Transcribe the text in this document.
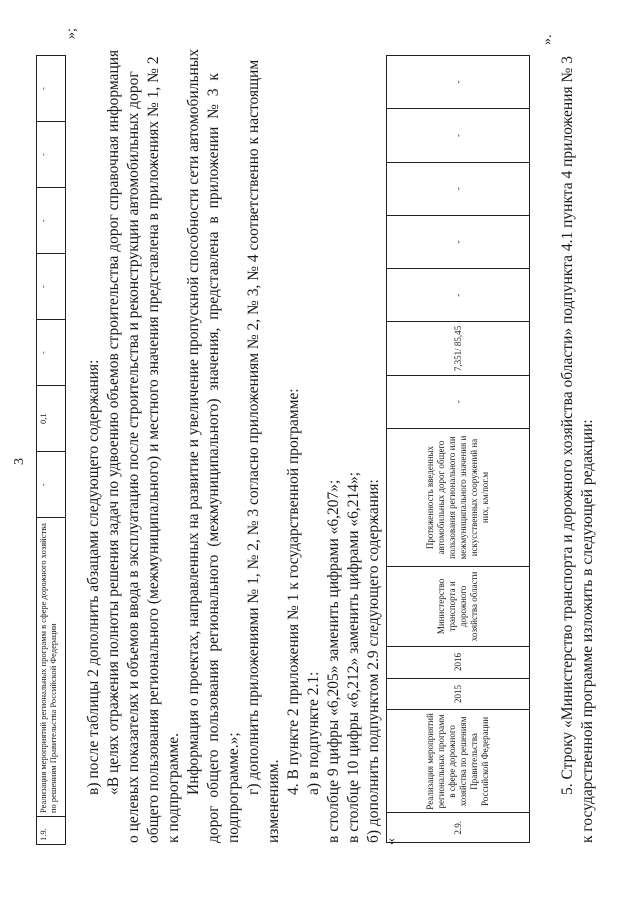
3
1.9.	Реализация мероприятий региональных программ в сфере дорожного хозяйства по решениям Правительства Российской Федерации	-	0,1	-	-	-	-	-
»;
в) после таблицы 2 дополнить абзацами следующего содержания: «В целях отражения полноты решения задач по удвоению объемов строительства дорог справочная информация о целевых показателях и объемов ввода в эксплуатацию после строительства и реконструкции автомобильных дорог общего пользования регионального (межмуниципального) и местного значения представлена в приложениях № 1, № 2 к подпрограмме. Информация о проектах, направленных на развитие и увеличение пропускной способности сети автомобильных дорог общего пользования регионального (межмуниципального) значения, представлена в приложении № 3 к подпрограмме.»; г) дополнить приложениями № 1, № 2, № 3 согласно приложениям № 2, № 3, № 4 соответственно к настоящим
изменениям.
4. В пункте 2 приложения № 1 к государственной программе: а) в подпункте 2.1: в столбце 9 цифры «6,205» заменить цифрами «6,207»; в столбце 10 цифры «6,212» заменить цифрами «6,214»; б) дополнить подпунктом 2.9 следующего содержания: «
2.9.	Реализация мероприятий региональных программ в сфере дорожного хозяйства по решениям Правительства Российской Федерации	2015	2016	Министерство транспорта и дорожного хозяйства области	Протяженность введенных автомобильных дорог общего пользования регионального или межмуниципального значения и искусственных сооружений на них, км/пог.м	-	7,351/ 85,45	-	-	-	-	-
».
5. Строку «Министерство транспорта и дорожного хозяйства области» подпункта 4.1 пункта 4 приложения № 3 к государственной программе изложить в следующей редакции:
